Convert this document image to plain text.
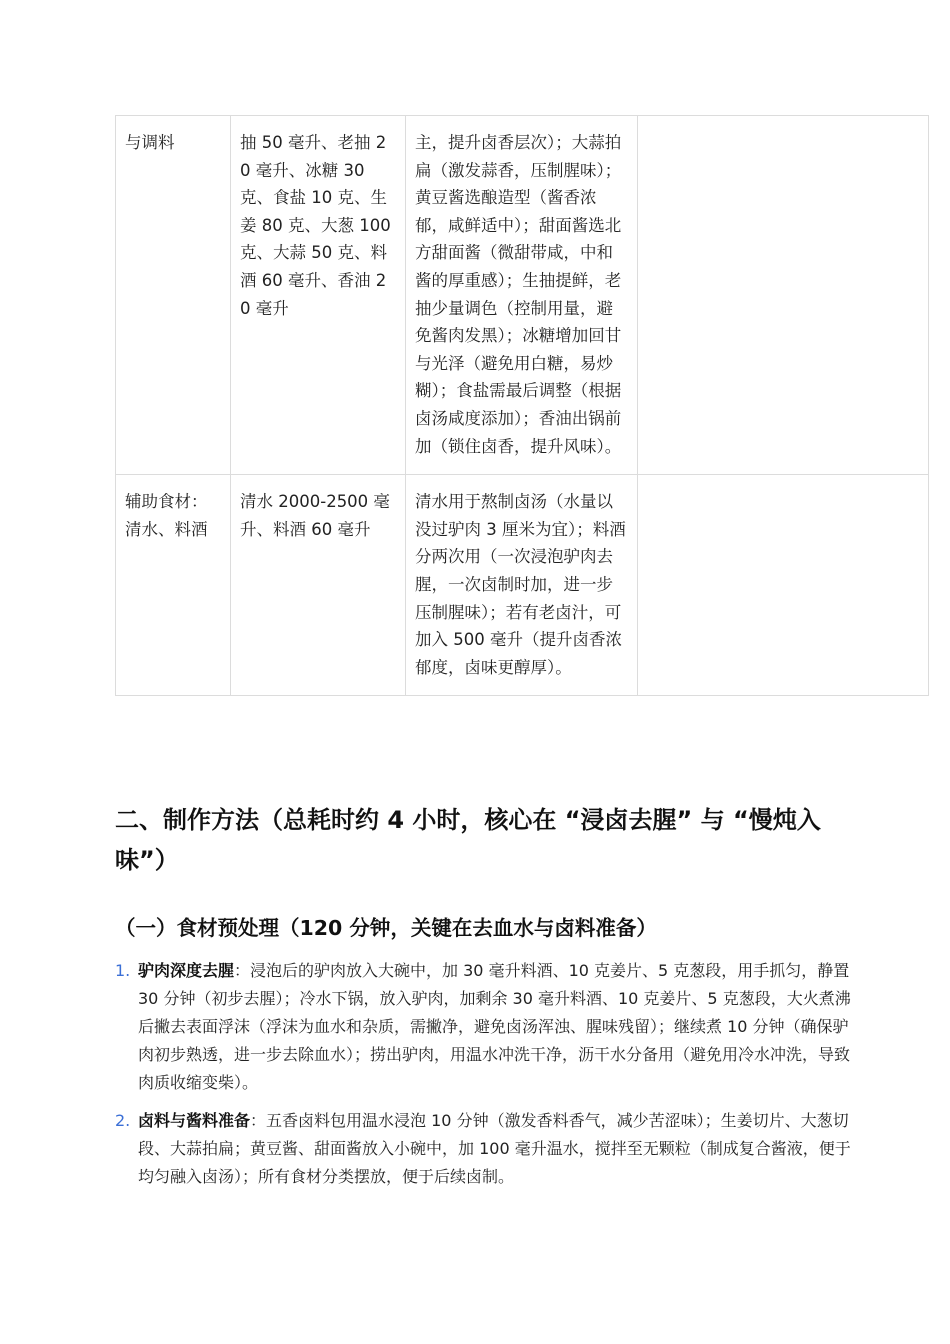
与调料	抽 50 毫升、老抽 20 毫升、冰糖 30 克、食盐 10 克、生姜 80 克、大葱 100 克、大蒜 50 克、料酒 60 毫升、香油 20 毫升	主，提升卤香层次）；大蒜拍扁（激发蒜香，压制腥味）；黄豆酱选酿造型（酱香浓郁，咸鲜适中）；甜面酱选北方甜面酱（微甜带咸，中和酱的厚重感）；生抽提鲜，老抽少量调色（控制用量，避免酱肉发黑）；冰糖增加回甘与光泽（避免用白糖，易炒糊）；食盐需最后调整（根据卤汤咸度添加）；香油出锅前加（锁住卤香，提升风味）。	
辅助食材：清水、料酒	清水 2000-2500 毫升、料酒 60 毫升	清水用于熬制卤汤（水量以没过驴肉 3 厘米为宜）；料酒分两次用（一次浸泡驴肉去腥，一次卤制时加，进一步压制腥味）；若有老卤汁，可加入 500 毫升（提升卤香浓郁度，卤味更醇厚）。	
二、制作方法（总耗时约 4 小时，核心在 “浸卤去腥” 与 “慢炖入味”）
（一）食材预处理（120 分钟，关键在去血水与卤料准备）
1. 驴肉深度去腥：浸泡后的驴肉放入大碗中，加 30 毫升料酒、10 克姜片、5 克葱段，用手抓匀，静置 30 分钟（初步去腥）；冷水下锅，放入驴肉，加剩余 30 毫升料酒、10 克姜片、5 克葱段，大火煮沸后撇去表面浮沫（浮沫为血水和杂质，需撇净，避免卤汤浑浊、腥味残留）；继续煮 10 分钟（确保驴肉初步熟透，进一步去除血水）；捞出驴肉，用温水冲洗干净，沥干水分备用（避免用冷水冲洗，导致肉质收缩变柴）。
2. 卤料与酱料准备：五香卤料包用温水浸泡 10 分钟（激发香料香气，减少苦涩味）；生姜切片、大葱切段、大蒜拍扁；黄豆酱、甜面酱放入小碗中，加 100 毫升温水，搅拌至无颗粒（制成复合酱液，便于均匀融入卤汤）；所有食材分类摆放，便于后续卤制。
